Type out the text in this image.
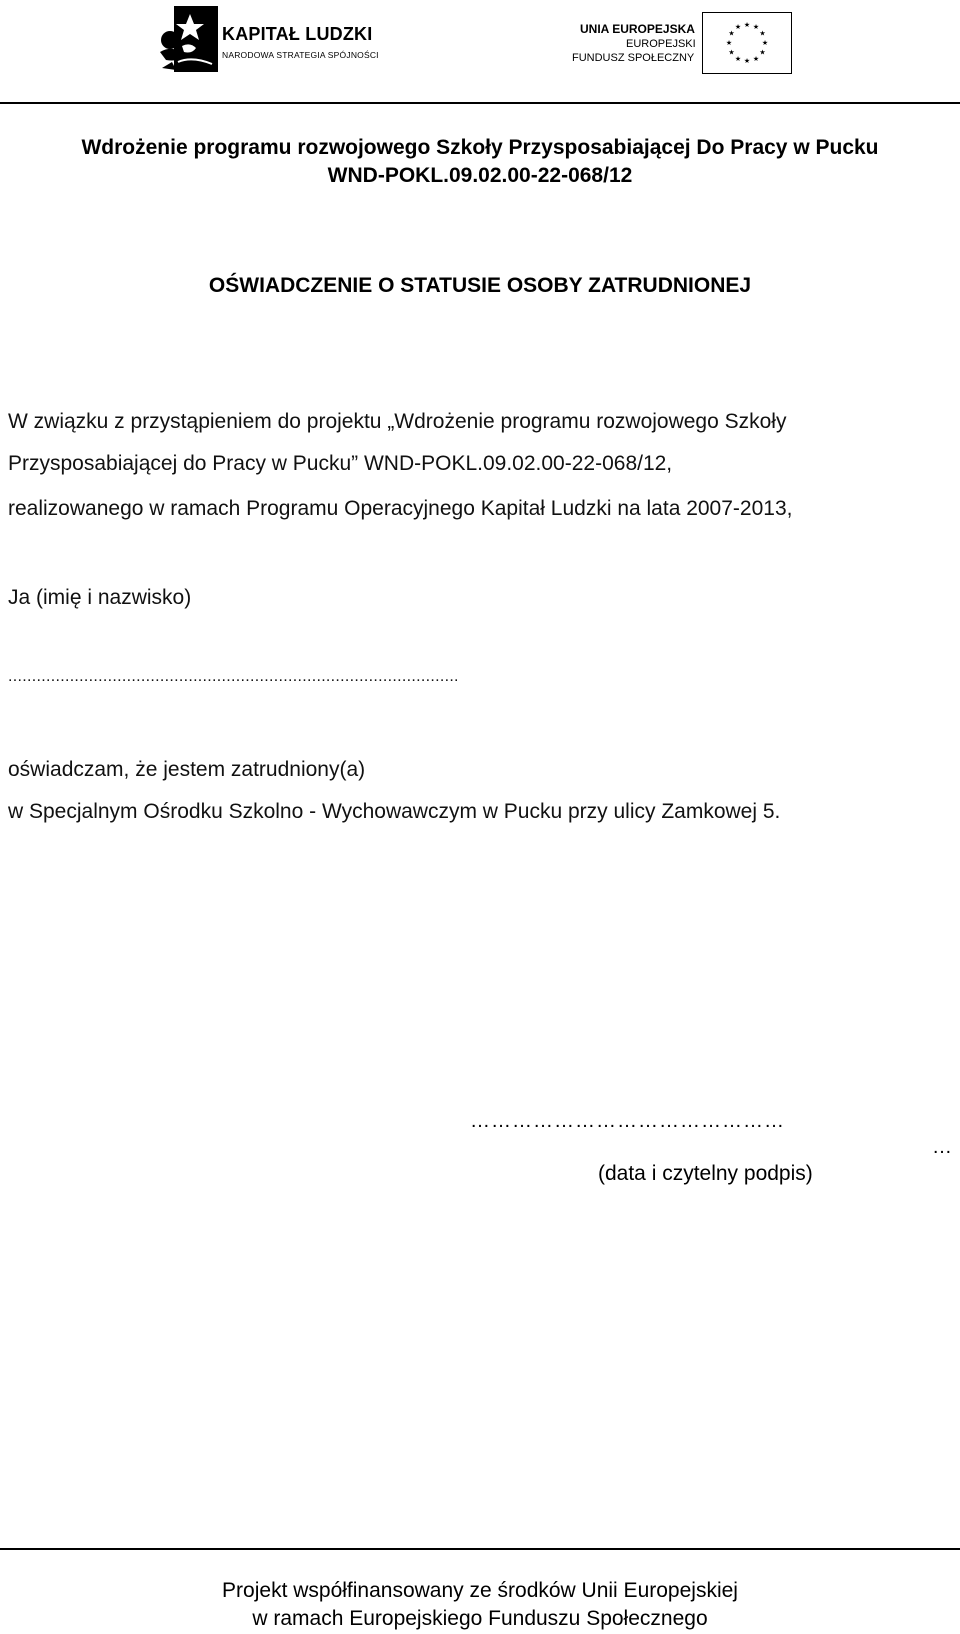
KAPITAŁ LUDZKI
NARODOWA STRATEGIA SPÓJNOŚCI
UNIA EUROPEJSKA
EUROPEJSKI
FUNDUSZ SPOŁECZNY
★ ★
★
★
★
★
★
★
★
★
★
★
Wdrożenie programu rozwojowego Szkoły Przysposabiającej Do Pracy w Pucku
WND-POKL.09.02.00-22-068/12
OŚWIADCZENIE O STATUSIE OSOBY ZATRUDNIONEJ
W związku z przystąpieniem do projektu „Wdrożenie programu rozwojowego Szkoły
Przysposabiającej do Pracy w Pucku” WND-POKL.09.02.00-22-068/12,
realizowanego w ramach Programu Operacyjnego Kapitał Ludzki na lata 2007-2013,
Ja (imię i nazwisko)
...............................................................................................
oświadczam, że jestem zatrudniony(a)
w Specjalnym Ośrodku Szkolno - Wychowawczym w Pucku przy ulicy Zamkowej 5.
………………………………………
…
(data i czytelny podpis)
Projekt współfinansowany ze środków Unii Europejskiej
w ramach Europejskiego Funduszu Społecznego
